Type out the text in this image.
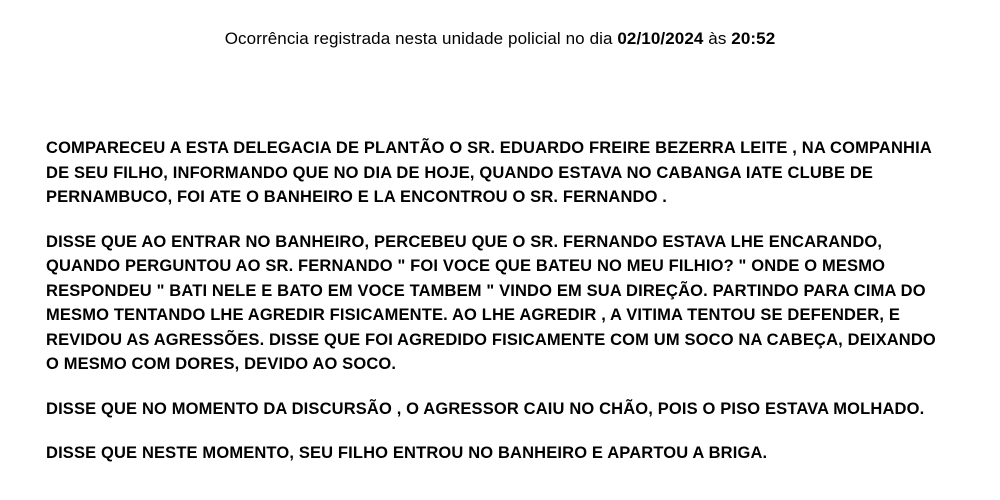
Ocorrência registrada nesta unidade policial no dia 02/10/2024 às 20:52

COMPARECEU A ESTA DELEGACIA DE PLANTÃO O SR. EDUARDO FREIRE BEZERRA LEITE , NA COMPANHIA DE SEU FILHO, INFORMANDO QUE NO DIA DE HOJE, QUANDO ESTAVA NO CABANGA IATE CLUBE DE PERNAMBUCO, FOI ATE O BANHEIRO E LA ENCONTROU O SR. FERNANDO .

DISSE QUE AO ENTRAR NO BANHEIRO, PERCEBEU QUE O SR. FERNANDO ESTAVA LHE ENCARANDO, QUANDO PERGUNTOU AO SR. FERNANDO " FOI VOCE QUE BATEU NO MEU FILHIO? " ONDE O MESMO RESPONDEU " BATI NELE E BATO EM VOCE TAMBEM " VINDO EM SUA DIREÇÃO. PARTINDO PARA CIMA DO MESMO TENTANDO LHE AGREDIR FISICAMENTE. AO LHE AGREDIR , A VITIMA TENTOU SE DEFENDER, E REVIDOU AS AGRESSÕES. DISSE QUE FOI AGREDIDO FISICAMENTE COM UM SOCO NA CABEÇA, DEIXANDO O MESMO COM DORES, DEVIDO AO SOCO.

DISSE QUE NO MOMENTO DA DISCURSÃO , O AGRESSOR CAIU NO CHÃO, POIS O PISO ESTAVA MOLHADO.

DISSE QUE NESTE MOMENTO, SEU FILHO ENTROU NO BANHEIRO E APARTOU A BRIGA.
